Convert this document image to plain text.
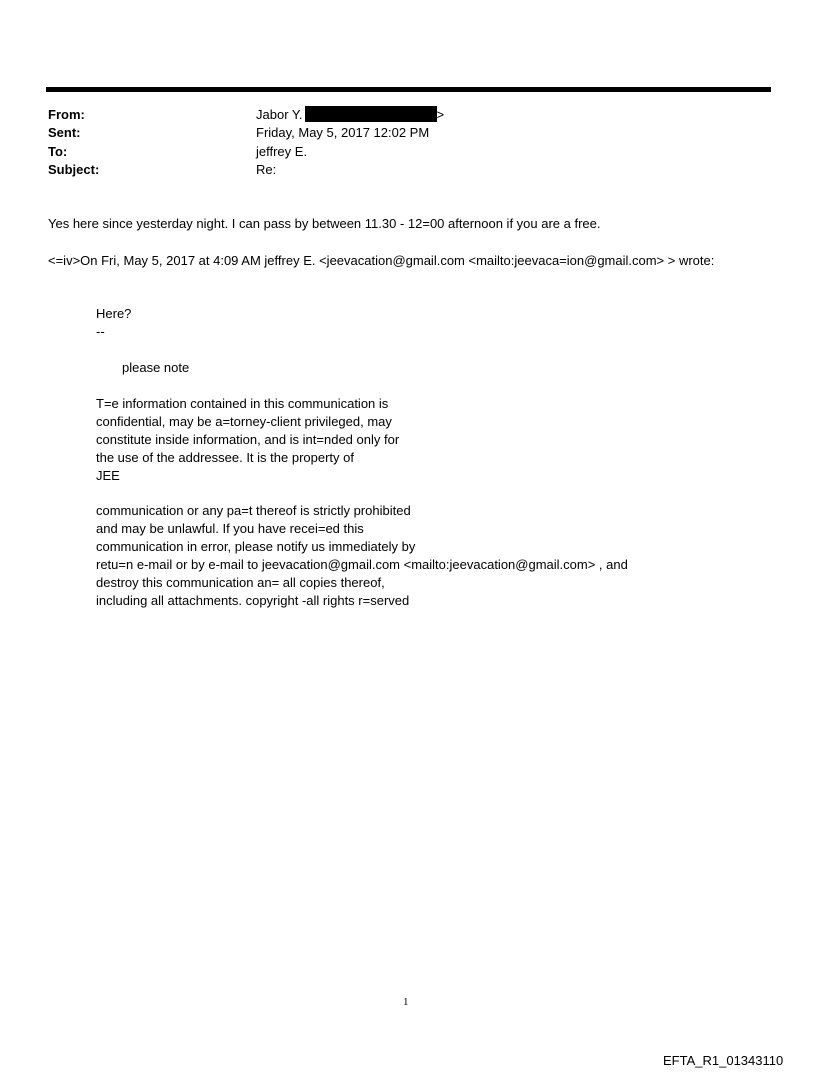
From:	Jabor Y.	>
Sent:	Friday, May 5, 2017 12:02 PM
To:	jeffrey E.
Subject:	Re:
Yes here since yesterday night. I can pass by between 11.30 - 12=00 afternoon if you are a free.
<=iv>On Fri, May 5, 2017 at 4:09 AM jeffrey E. <jeevacation@gmail.com <mailto:jeevaca=ion@gmail.com> > wrote:
Here?
--
please note
T=e information contained in this communication is
confidential, may be a=torney-client privileged, may
constitute inside information, and is int=nded only for
the use of the addressee. It is the property of
JEE
communication or any pa=t thereof is strictly prohibited
and may be unlawful. If you have recei=ed this
communication in error, please notify us immediately by
retu=n e-mail or by e-mail to jeevacation@gmail.com <mailto:jeevacation@gmail.com> , and
destroy this communication an= all copies thereof,
including all attachments. copyright -all rights r=served
1
EFTA_R1_01343110
